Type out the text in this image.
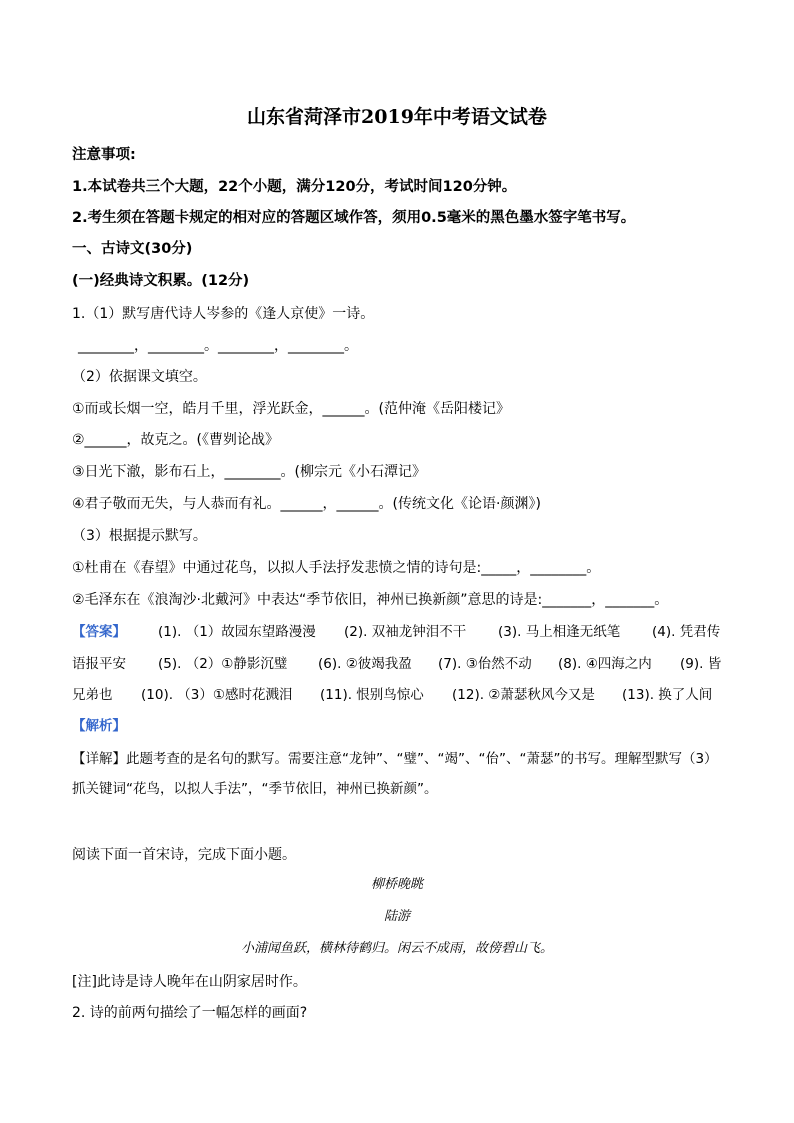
山东省菏泽市2019年中考语文试卷
注意事项:
1.本试卷共三个大题，22个小题，满分120分，考试时间120分钟。
2.考生须在答题卡规定的相对应的答题区域作答，须用0.5毫米的黑色墨水签字笔书写。
一、古诗文(30分)
(一)经典诗文积累。(12分)
1.（1）默写唐代诗人岑参的《逢人京使》一诗。
________，________。________，________。
（2）依据课文填空。
①而或长烟一空，皓月千里，浮光跃金，______。(范仲淹《岳阳楼记》
②______，故克之。(《曹刿论战》
③日光下澈，影布石上，________。(柳宗元《小石潭记》
④君子敬而无失，与人恭而有礼。______，______。(传统文化《论语·颜渊》)
（3）根据提示默写。
①杜甫在《春望》中通过花鸟，以拟人手法抒发悲愤之情的诗句是:_____，________。
②毛泽东在《浪淘沙·北戴河》中表达“季节依旧，神州已换新颜”意思的诗是:_______，_______。
【答案】 (1). （1）故园东望路漫漫 (2). 双袖龙钟泪不干 (3). 马上相逢无纸笔 (4). 凭君传
语报平安 (5). （2）①静影沉璧 (6). ②彼竭我盈 (7). ③佁然不动 (8). ④四海之内 (9). 皆
兄弟也 (10). （3）①感时花溅泪 (11). 恨别鸟惊心 (12). ②萧瑟秋风今又是 (13). 换了人间
【解析】
【详解】此题考查的是名句的默写。需要注意“龙钟”、“璧”、“竭”、“佁”、“萧瑟”的书写。理解型默写（3）
抓关键词“花鸟，以拟人手法”，“季节依旧，神州已换新颜”。
阅读下面一首宋诗，完成下面小题。
柳桥晚眺
陆游
小浦闻鱼跃，横林待鹤归。闲云不成雨，故傍碧山飞。
[注]此诗是诗人晚年在山阴家居时作。
2. 诗的前两句描绘了一幅怎样的画面?
